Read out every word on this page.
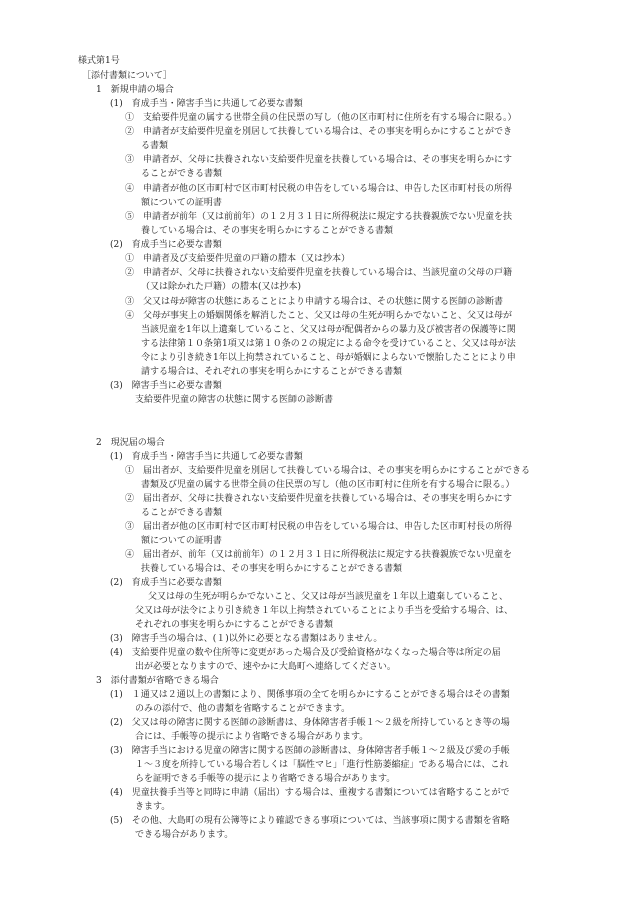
様式第1号
［添付書類について］
1　新規申請の場合
(1)　育成手当・障害手当に共通して必要な書類
①　支給要件児童の属する世帯全員の住民票の写し（他の区市町村に住所を有する場合に限る。）
②　申請者が支給要件児童を別居して扶養している場合は、その事実を明らかにすることができ
る書類
③　申請者が、父母に扶養されない支給要件児童を扶養している場合は、その事実を明らかにす
ることができる書類
④　申請者が他の区市町村で区市町村民税の申告をしている場合は、申告した区市町村長の所得
額についての証明書
⑤　申請者が前年（又は前前年）の１２月３１日に所得税法に規定する扶養親族でない児童を扶
養している場合は、その事実を明らかにすることができる書類
(2)　育成手当に必要な書類
①　申請者及び支給要件児童の戸籍の謄本（又は抄本）
②　申請者が、父母に扶養されない支給要件児童を扶養している場合は、当該児童の父母の戸籍
（又は除かれた戸籍）の謄本(又は抄本)
③　父又は母が障害の状態にあることにより申請する場合は、その状態に関する医師の診断書
④　父母が事実上の婚姻関係を解消したこと、父又は母の生死が明らかでないこと、父又は母が
当該児童を1年以上遺棄していること、父又は母が配偶者からの暴力及び被害者の保護等に関
する法律第１０条第1項又は第１０条の２の規定による命令を受けていること、父又は母が法
令により引き続き1年以上拘禁されていること、母が婚姻によらないで懐胎したことにより申
請する場合は、それぞれの事実を明らかにすることができる書類
(3)　障害手当に必要な書類
支給要件児童の障害の状態に関する医師の診断書
2　現況届の場合
(1)　育成手当・障害手当に共通して必要な書類
①　届出者が、支給要件児童を別居して扶養している場合は、その事実を明らかにすることができる
書類及び児童の属する世帯全員の住民票の写し（他の区市町村に住所を有する場合に限る。）
②　届出者が、父母に扶養されない支給要件児童を扶養している場合は、その事実を明らかにす
ることができる書類
③　届出者が他の区市町村で区市町村民税の申告をしている場合は、申告した区市町村長の所得
額についての証明書
④　届出者が、前年（又は前前年）の１２月３１日に所得税法に規定する扶養親族でない児童を
扶養している場合は、その事実を明らかにすることができる書類
(2)　育成手当に必要な書類
父又は母の生死が明らかでないこと、父又は母が当該児童を１年以上遺棄していること、
父又は母が法令により引き続き１年以上拘禁されていることにより手当を受給する場合、は、
それぞれの事実を明らかにすることができる書類
(3)　障害手当の場合は、(１)以外に必要となる書類はありません。
(4)　支給要件児童の数や住所等に変更があった場合及び受給資格がなくなった場合等は所定の届
出が必要となりますので、速やかに大島町へ連絡してください。
3　添付書類が省略できる場合
(1)　１通又は２通以上の書類により、関係事項の全てを明らかにすることができる場合はその書類
のみの添付で、他の書類を省略することができます。
(2)　父又は母の障害に関する医師の診断書は、身体障害者手帳１～２級を所持しているとき等の場
合には、手帳等の提示により省略できる場合があります。
(3)　障害手当における児童の障害に関する医師の診断書は、身体障害者手帳１～２級及び愛の手帳
１～３度を所持している場合若しくは「脳性マヒ」「進行性筋萎縮症」である場合には、これ
らを証明できる手帳等の提示により省略できる場合があります。
(4)　児童扶養手当等と同時に申請（届出）する場合は、重複する書類については省略することがで
きます。
(5)　その他、大島町の現有公簿等により確認できる事項については、当該事項に関する書類を省略
できる場合があります。
